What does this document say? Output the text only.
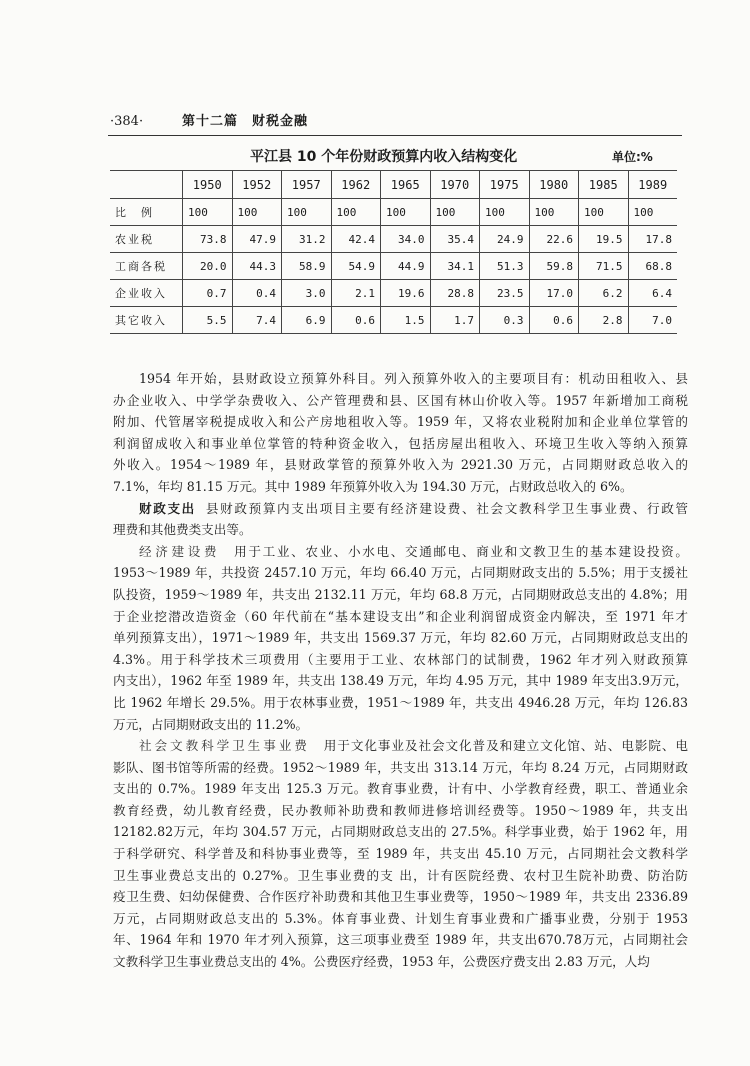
·384·	第十二篇　财税金融
平江县 10 个年份财政预算内收入结构变化	单位:%
	1950	1952	1957	1962	1965	1970	1975	1980	1985	1989
比　例	100	100	100	100	100	100	100	100	100	100
农业税	73.8	47.9	31.2	42.4	34.0	35.4	24.9	22.6	19.5	17.8
工商各税	20.0	44.3	58.9	54.9	44.9	34.1	51.3	59.8	71.5	68.8
企业收入	0.7	0.4	3.0	2.1	19.6	28.8	23.5	17.0	6.2	6.4
其它收入	5.5	7.4	6.9	0.6	1.5	1.7	0.3	0.6	2.8	7.0
1954 年开始，县财政设立预算外科目。列入预算外收入的主要项目有：机动田租收入、县
办企业收入、中学学杂费收入、公产管理费和县、区国有林山价收入等。1957 年新增加工商税
附加、代管屠宰税提成收入和公产房地租收入等。1959 年，又将农业税附加和企业单位掌管的
利润留成收入和事业单位掌管的特种资金收入，包括房屋出租收入、环境卫生收入等纳入预算
外收入。1954～1989 年，县财政掌管的预算外收入为 2921.30 万元，占同期财政总收入的
7.1%，年均 81.15 万元。其中 1989 年预算外收入为 194.30 万元，占财政总收入的 6%。
财政支出 县财政预算内支出项目主要有经济建设费、社会文教科学卫生事业费、行政管
理费和其他费类支出等。
经济建设费 用于工业、农业、小水电、交通邮电、商业和文教卫生的基本建设投资。
1953～1989 年，共投资 2457.10 万元，年均 66.40 万元，占同期财政支出的 5.5%；用于支援社
队投资，1959～1989 年，共支出 2132.11 万元，年均 68.8 万元，占同期财政总支出的 4.8%；用
于企业挖潜改造资金（60 年代前在“基本建设支出”和企业利润留成资金内解决，至 1971 年才
单列预算支出），1971～1989 年，共支出 1569.37 万元，年均 82.60 万元，占同期财政总支出的
4.3%。用于科学技术三项费用（主要用于工业、农林部门的试制费，1962 年才列入财政预算
内支出），1962 年至 1989 年，共支出 138.49 万元，年均 4.95 万元，其中 1989 年支出3.9万元，
比 1962 年增长 29.5%。用于农林事业费，1951～1989 年，共支出 4946.28 万元，年均 126.83
万元，占同期财政支出的 11.2%。
社会文教科学卫生事业费 用于文化事业及社会文化普及和建立文化馆、站、电影院、电
影队、图书馆等所需的经费。1952～1989 年，共支出 313.14 万元，年均 8.24 万元，占同期财政
支出的 0.7%。1989 年支出 125.3 万元。教育事业费，计有中、小学教育经费，职工、普通业余
教育经费，幼儿教育经费，民办教师补助费和教师进修培训经费等。1950～1989 年，共支出
12182.82万元，年均 304.57 万元，占同期财政总支出的 27.5%。科学事业费，始于 1962 年，用
于科学研究、科学普及和科协事业费等，至 1989 年，共支出 45.10 万元，占同期社会文教科学
卫生事业费总支出的 0.27%。卫生事业费的支 出，计有医院经费、农村卫生院补助费、防治防
疫卫生费、妇幼保健费、合作医疗补助费和其他卫生事业费等，1950～1989 年，共支出 2336.89
万元，占同期财政总支出的 5.3%。体育事业费、计划生育事业费和广播事业费，分别于 1953
年、1964 年和 1970 年才列入预算，这三项事业费至 1989 年，共支出670.78万元，占同期社会
文教科学卫生事业费总支出的 4%。公费医疗经费，1953 年，公费医疗费支出 2.83 万元，人均
